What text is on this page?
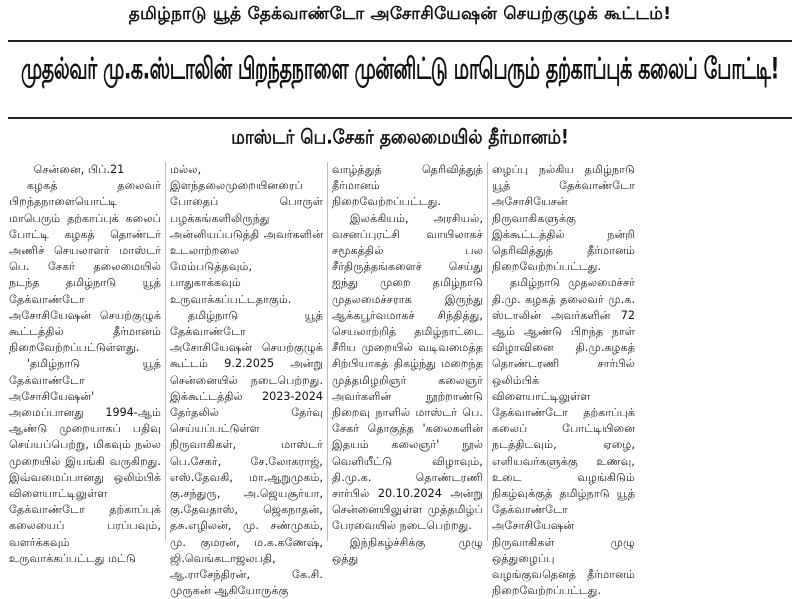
தமிழ்நாடு யூத் தேக்வாண்டோ அசோசியேஷன் செயற்குழுக் கூட்டம்!
முதல்வர் மு.க.ஸ்டாலின் பிறந்தநாளை முன்னிட்டு மாபெரும் தற்காப்புக் கலைப் போட்டி!
மாஸ்டர் பெ.சேகர் தலைமையில் தீர்மானம்!

சென்னை, பிப்.21

கழகத் தலைவர் பிறந்தநாளையொட்டி மாபெரும் தற்காப்புக் கலைப் போட்டி கழகத் தொண்டர் அணிச் செயலாளர் மாஸ்டர் பெ. சேகர் தலைமையில் நடந்த தமிழ்நாடு யூத் தேக்வாண்டோ அசோசியேஷன் செயற்குழுக் கூட்டத்தில் தீர்மானம் நிறைவேற்றப்பட்டுள்ளது.

'தமிழ்நாடு யூத் தேக்வாண்டோ அசோசியேஷன்' அமைப்பானது 1994-ஆம் ஆண்டு முறையாகப் பதிவு செய்யப்பெற்று, மிகவும் நல்ல முறையில் இயங்கி வருகிறது. இவ்வமைப்பானது ஒலிம்பிக் விளையாட்டிலுள்ள தேக்வாண்டோ தற்காப்புக் கலையைப் பரப்பவும், வளர்க்கவும் உருவாக்கப்பட்டது மட்டு

மல்ல, இளந்தலைமுறையினரைப் போதைப் பொருள் பழக்கங்களிலிருந்து அன்னியப்படுத்தி அவர்களின் உடலாற்றலை மேம்படுத்தவும், பாதுகாக்கவும் உருவாக்கப்பட்டதாகும்.

தமிழ்நாடு யூத் தேக்வாண்டோ அசோசியேஷன் செயற்குழுக் கூட்டம் 9.2.2025 அன்று சென்னையில் நடைபெற்றது. இக்கூட்டத்தில் 2023-2024 தேர்தலில் தேர்வு செய்யப்பட்டுள்ள நிருவாகிகள், மாஸ்டர் பெ.சேகர், சே.லோகராஜ், எஸ்.தேவகி, மா.ஆறுமுகம், கு.சந்துரு, அ.ஜெயசூர்யா, கு.தேவதாஸ், ஜெகநாதன், தசு.எழிலன், மு. சண்முகம், மு. குமரன், ம.க.கணேஷ், ஜி.வெங்கடாஜலபதி, ஆ.ராசேந்திரன், கே.சி. முருகன் ஆகியோருக்கு

வாழ்த்துத் தெரிவித்துத் தீர்மானம் நிறைவேற்றப்பட்டது.

இலக்கியம், அரசியல், வசனப்புரட்சி வாயிலாகச் சமூகத்தில் பல சீர்திருத்தங்களைச் செய்து ஐந்து முறை தமிழ்நாடு முதலமைச்சராக இருந்து ஆக்கபூர்வமாகச் சிந்தித்து, செயலாற்றித் தமிழ்நாட்டை சீரிய முறையில் வடிவமைத்த சிற்பியாகத் திகழ்ந்து மறைந்த முத்தமிழறிஞர் கலைஞர் அவர்களின் நூற்றாண்டு நிறைவு நாளில் மாஸ்டர் பெ. சேகர் தொகுத்த 'கலைகளின் இதயம் கலைஞர்' நூல் வெளியீட்டு விழாவும், தி.மு.க. தொண்டரணி சார்பில் 20.10.2024 அன்று சென்னையிலுள்ள முத்தமிழ்ப் பேரவையில் நடைபெற்றது.

இந்நிகழ்ச்சிக்கு முழு ஒத்து

ழைப்பு நல்கிய தமிழ்நாடு யூத் தேக்வாண்டோ அசோசியேசன் நிருவாகிகளுக்கு இக்கூட்டத்தில் நன்றி தெரிவித்துத் தீர்மானம் நிறைவேற்றப்பட்டது.

தமிழ்நாடு முதலமைச்சர் தி.மு. கழகத் தலைவர் மு.க. ஸ்டாலின் அவர்களின் 72 ஆம் ஆண்டு பிறந்த நாள் விழாவினை தி.மு.கழகத் தொண்டரணி சார்பில் ஒலிம்பிக் விளையாட்டிலுள்ள தேக்வாண்டோ தற்காப்புக் கலைப் போட்டியினை நடத்திடவும், ஏழை, எளியவர்களுக்கு உணவு, உடை வழங்கிடும் நிகழ்வுக்குத் தமிழ்நாடு யூத் தேக்வாண்டோ அசோசியேஷன் நிருவாகிகள் முழு ஒத்துழைப்பு வழங்குவதெனத் தீர்மானம் நிறைவேற்றப்பட்டது.
